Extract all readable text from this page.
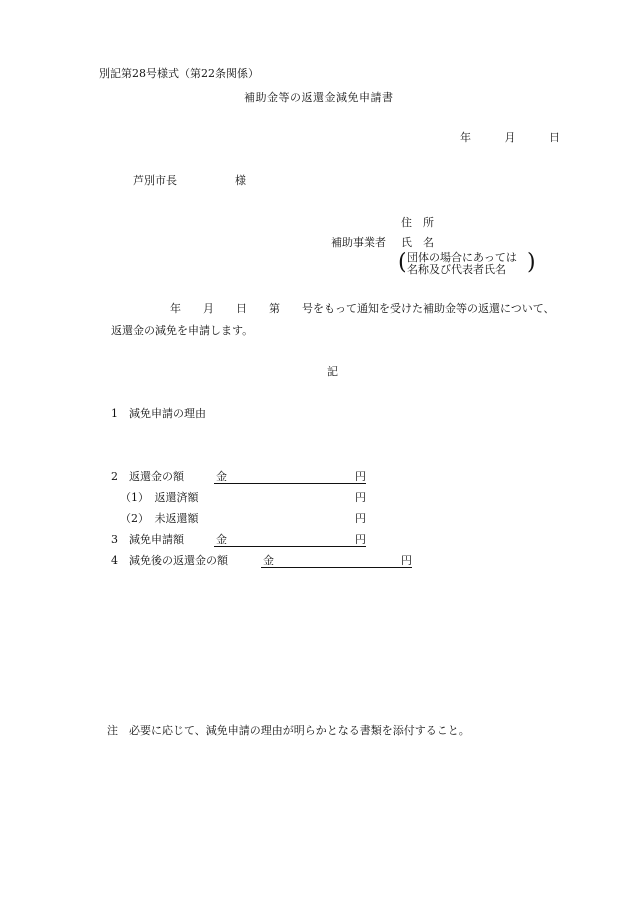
別記第28号様式（第22条関係）
補助金等の返還金減免申請書
年	月	日
芦別市長	様
住　所
補助事業者 氏　名
( 団体の場合にあっては
名称及び代表者氏名 )
年　　月　　日　　第　　号をもって通知を受けた補助金等の返還について、
返還金の減免を申請します。
記
1　減免申請の理由
2　返還金の額	金	円
（1）　返還済額	円
（2）　未返還額	円
3　減免申請額	金	円
4　減免後の返還金の額	金	円
注　必要に応じて、減免申請の理由が明らかとなる書類を添付すること。
